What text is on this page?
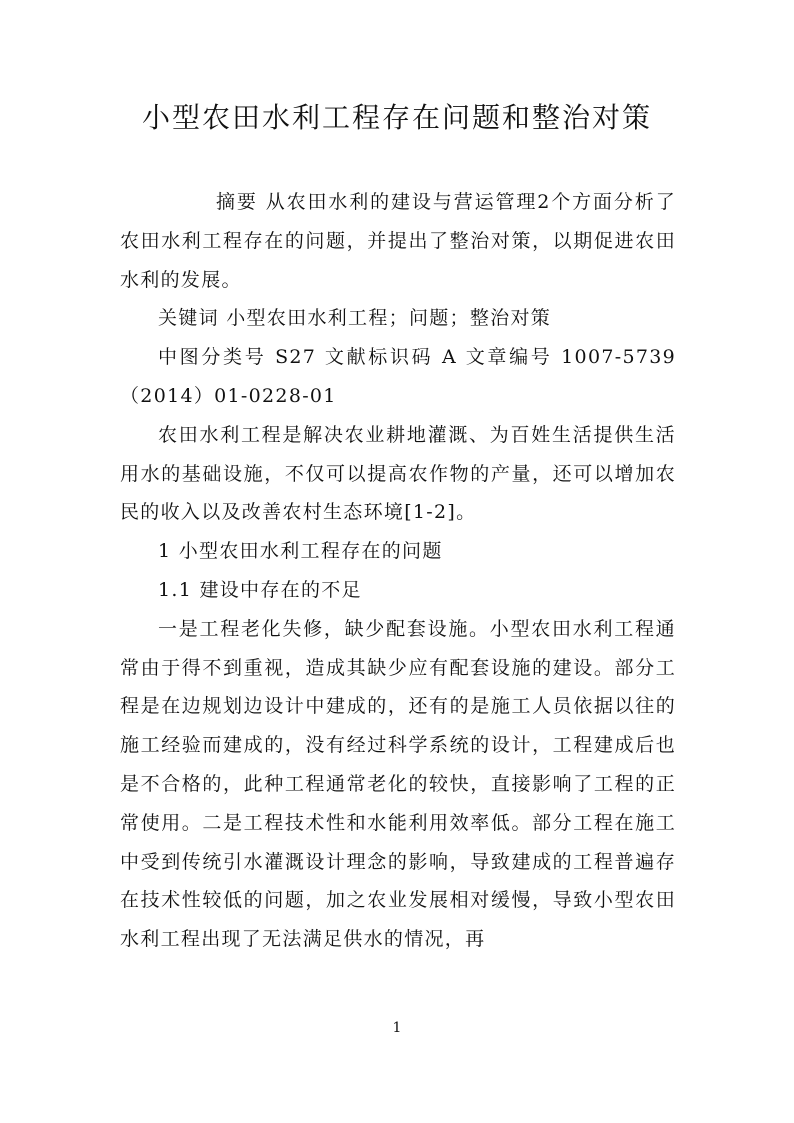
小型农田水利工程存在问题和整治对策

摘要 从农田水利的建设与营运管理2个方面分析了农田水利工程存在的问题，并提出了整治对策，以期促进农田水利的发展。

关键词 小型农田水利工程；问题；整治对策

中图分类号 S27 文献标识码 A 文章编号 1007-5739（2014）01-0228-01

农田水利工程是解决农业耕地灌溉、为百姓生活提供生活用水的基础设施，不仅可以提高农作物的产量，还可以增加农民的收入以及改善农村生态环境[1-2]。

1 小型农田水利工程存在的问题

1.1 建设中存在的不足

一是工程老化失修，缺少配套设施。小型农田水利工程通常由于得不到重视，造成其缺少应有配套设施的建设。部分工程是在边规划边设计中建成的，还有的是施工人员依据以往的施工经验而建成的，没有经过科学系统的设计，工程建成后也是不合格的，此种工程通常老化的较快，直接影响了工程的正常使用。二是工程技术性和水能利用效率低。部分工程在施工中受到传统引水灌溉设计理念的影响，导致建成的工程普遍存在技术性较低的问题，加之农业发展相对缓慢，导致小型农田水利工程出现了无法满足供水的情况，再

1
